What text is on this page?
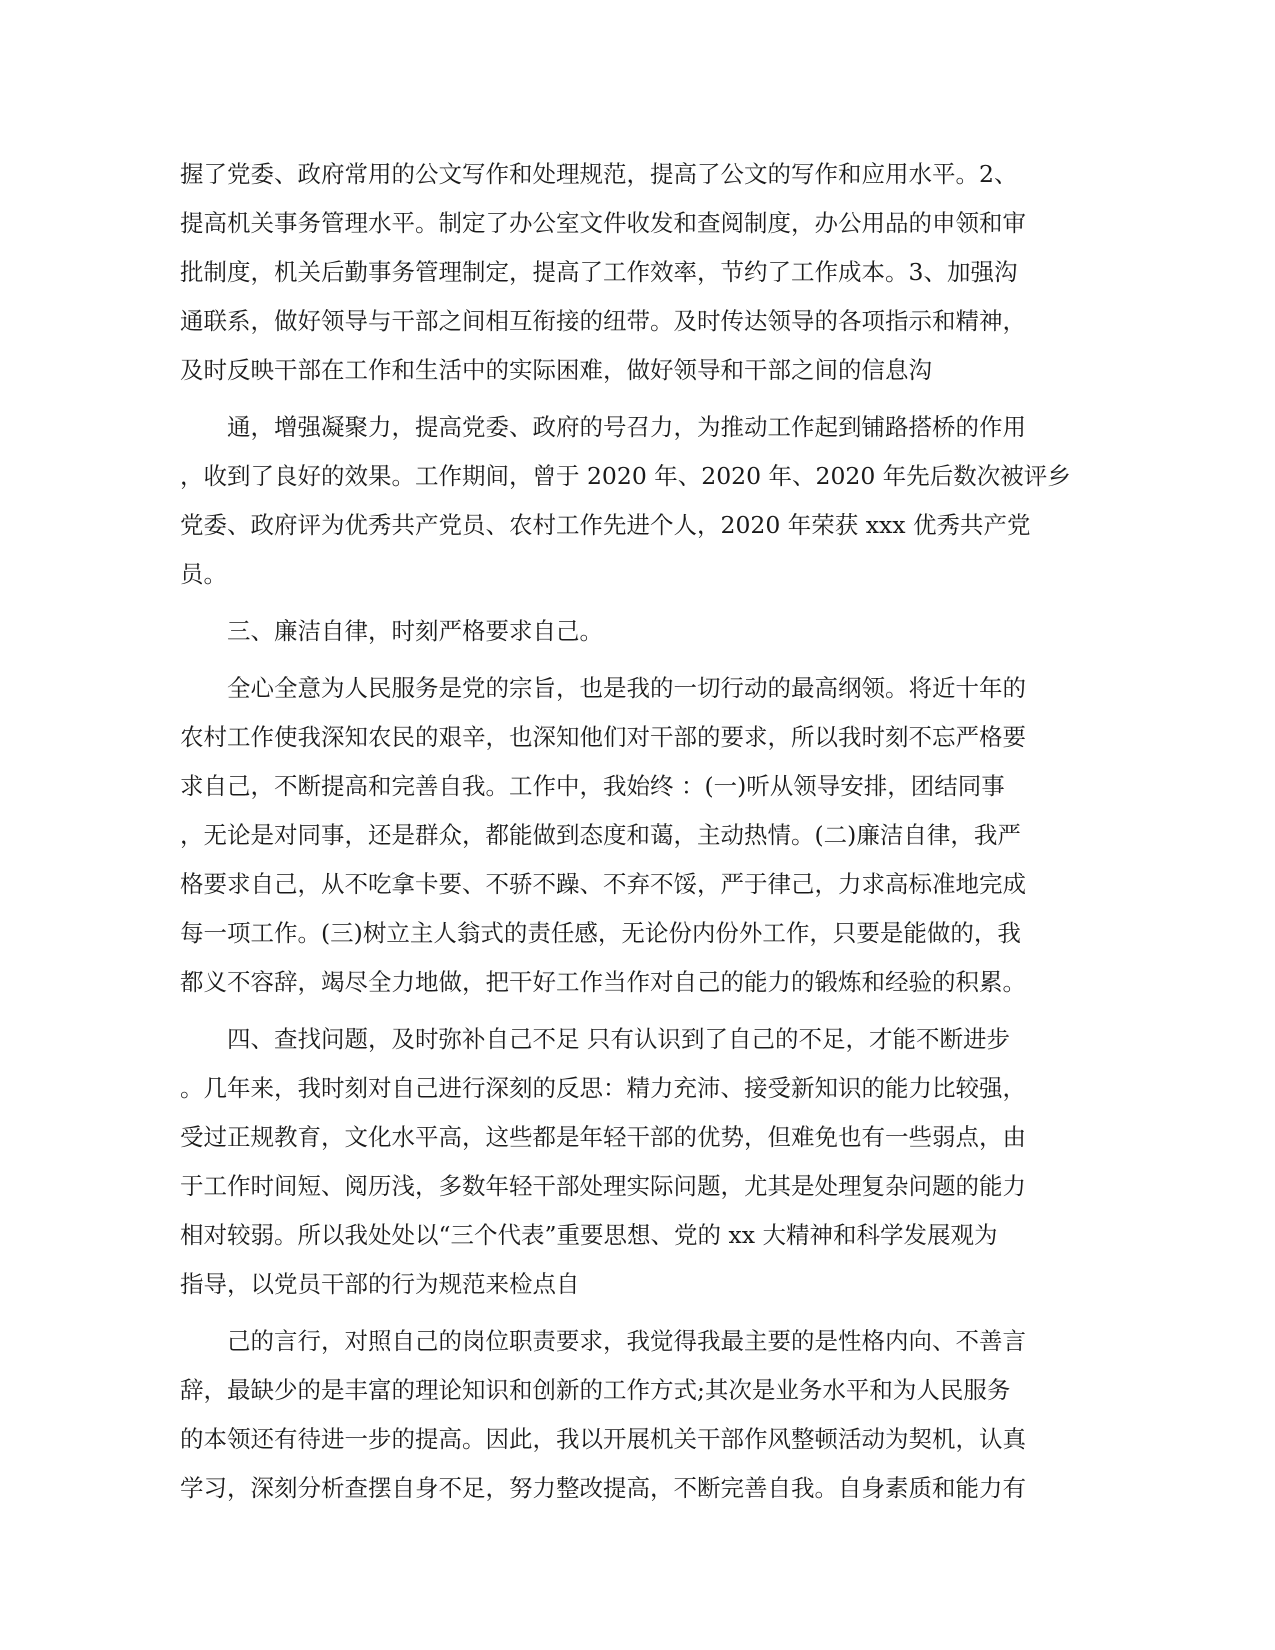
握了党委、政府常用的公文写作和处理规范，提高了公文的写作和应用水平。2、
提高机关事务管理水平。制定了办公室文件收发和查阅制度，办公用品的申领和审
批制度，机关后勤事务管理制定，提高了工作效率，节约了工作成本。3、加强沟
通联系，做好领导与干部之间相互衔接的纽带。及时传达领导的各项指示和精神，
及时反映干部在工作和生活中的实际困难，做好领导和干部之间的信息沟

通，增强凝聚力，提高党委、政府的号召力，为推动工作起到铺路搭桥的作用
，收到了良好的效果。工作期间，曾于 2020 年、2020 年、2020 年先后数次被评乡
党委、政府评为优秀共产党员、农村工作先进个人，2020 年荣获 xxx 优秀共产党
员。

三、廉洁自律，时刻严格要求自己。

全心全意为人民服务是党的宗旨，也是我的一切行动的最高纲领。将近十年的
农村工作使我深知农民的艰辛，也深知他们对干部的要求，所以我时刻不忘严格要
求自己，不断提高和完善自我。工作中，我始终 ：(一)听从领导安排，团结同事
，无论是对同事，还是群众，都能做到态度和蔼，主动热情。(二)廉洁自律，我严
格要求自己，从不吃拿卡要、不骄不躁、不弃不馁，严于律己，力求高标准地完成
每一项工作。(三)树立主人翁式的责任感，无论份内份外工作，只要是能做的，我
都义不容辞，竭尽全力地做，把干好工作当作对自己的能力的锻炼和经验的积累。

四、查找问题，及时弥补自己不足 只有认识到了自己的不足，才能不断进步
。几年来，我时刻对自己进行深刻的反思：精力充沛、接受新知识的能力比较强，
受过正规教育，文化水平高，这些都是年轻干部的优势，但难免也有一些弱点，由
于工作时间短、阅历浅，多数年轻干部处理实际问题，尤其是处理复杂问题的能力
相对较弱。所以我处处以“三个代表”重要思想、党的 xx 大精神和科学发展观为
指导，以党员干部的行为规范来检点自

己的言行，对照自己的岗位职责要求，我觉得我最主要的是性格内向、不善言
辞，最缺少的是丰富的理论知识和创新的工作方式;其次是业务水平和为人民服务
的本领还有待进一步的提高。因此，我以开展机关干部作风整顿活动为契机，认真
学习，深刻分析查摆自身不足，努力整改提高，不断完善自我。自身素质和能力有
